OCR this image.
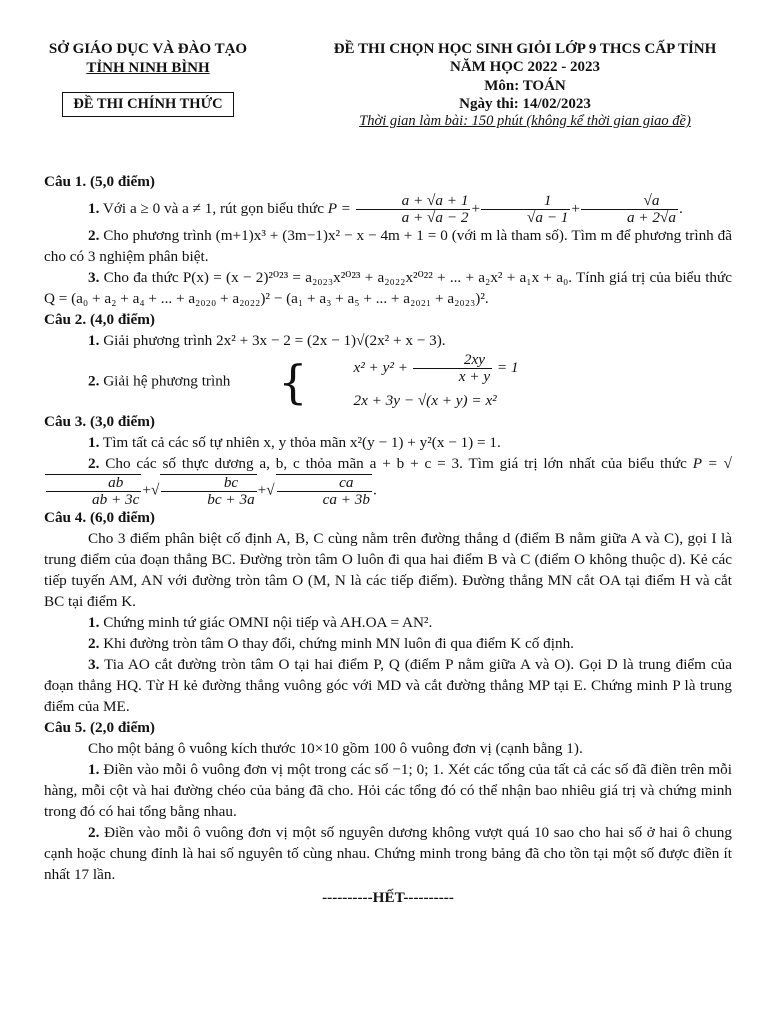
SỞ GIÁO DỤC VÀ ĐÀO TẠO
TỈNH NINH BÌNH
ĐỀ THI CHÍNH THỨC
ĐỀ THI CHỌN HỌC SINH GIỎI LỚP 9 THCS CẤP TỈNH
NĂM HỌC 2022 - 2023
Môn: TOÁN
Ngày thi: 14/02/2023
Thời gian làm bài: 150 phút (không kể thời gian giao đề)

Câu 1. (5,0 điểm)

1. Với a ≥ 0 và a ≠ 1, rút gọn biểu thức $P = \frac{a + √a + 1}{a + √a - 2} + \frac{1}{√a - 1} + \frac{√a}{a + 2√a}$ .

2. Cho phương trình (m+1)x³ + (3m−1)x² − x − 4m + 1 = 0 (với m là tham số). Tìm m để phương trình đã cho có 3 nghiệm phân biệt.

3. Cho đa thức P(x) = (x − 2)²⁰²³ = a₂₀₂₃x²⁰²³ + a₂₀₂₂x²⁰²² + ... + a₂x² + a₁x + a₀. Tính giá trị của biểu thức Q = (a₀ + a₂ + a₄ + ... + a₂₀₂₀ + a₂₀₂₂)² − (a₁ + a₃ + a₅ + ... + a₂₀₂₁ + a₂₀₂₃)².

Câu 2. (4,0 điểm)

1. Giải phương trình 2x² + 3x − 2 = (2x − 1)√(2x² + x − 3).

2. Giải hệ phương trình	{	$x^2 + y^2 + \frac{2xy}{x + y} = 1$
2x + 3y − √(x + y) = x²

Câu 3. (3,0 điểm)

1. Tìm tất cả các số tự nhiên x, y thỏa mãn x²(y − 1) + y²(x − 1) = 1.

2. Cho các số thực dương a, b, c thỏa mãn a + b + c = 3. Tìm giá trị lớn nhất của biểu thức P = √
$\frac{ab}{ab + 3c}$ +√ $\frac{bc}{bc + 3a}$ +√ $\frac{ca}{ca + 3b}$ .

Câu 4. (6,0 điểm)

Cho 3 điểm phân biệt cố định A, B, C cùng nằm trên đường thẳng d (điểm B nằm giữa A và C), gọi I là trung điểm của đoạn thẳng BC. Đường tròn tâm O luôn đi qua hai điểm B và C (điểm O không thuộc d). Kẻ các tiếp tuyến AM, AN với đường tròn tâm O (M, N là các tiếp điểm). Đường thẳng MN cắt OA tại điểm H và cắt BC tại điểm K.

1. Chứng minh tứ giác OMNI nội tiếp và AH.OA = AN².

2. Khi đường tròn tâm O thay đổi, chứng minh MN luôn đi qua điểm K cố định.

3. Tia AO cắt đường tròn tâm O tại hai điểm P, Q (điểm P nằm giữa A và O). Gọi D là trung điểm của đoạn thẳng HQ. Từ H kẻ đường thẳng vuông góc với MD và cắt đường thẳng MP tại E. Chứng minh P là trung điểm của ME.

Câu 5. (2,0 điểm)

Cho một bảng ô vuông kích thước 10×10 gồm 100 ô vuông đơn vị (cạnh bằng 1).

1. Điền vào mỗi ô vuông đơn vị một trong các số −1; 0; 1. Xét các tổng của tất cả các số đã điền trên mỗi hàng, mỗi cột và hai đường chéo của bảng đã cho. Hỏi các tổng đó có thể nhận bao nhiêu giá trị và chứng minh trong đó có hai tổng bằng nhau.

2. Điền vào mỗi ô vuông đơn vị một số nguyên dương không vượt quá 10 sao cho hai số ở hai ô chung cạnh hoặc chung đỉnh là hai số nguyên tố cùng nhau. Chứng minh trong bảng đã cho tồn tại một số được điền ít nhất 17 lần.

----------HẾT----------
